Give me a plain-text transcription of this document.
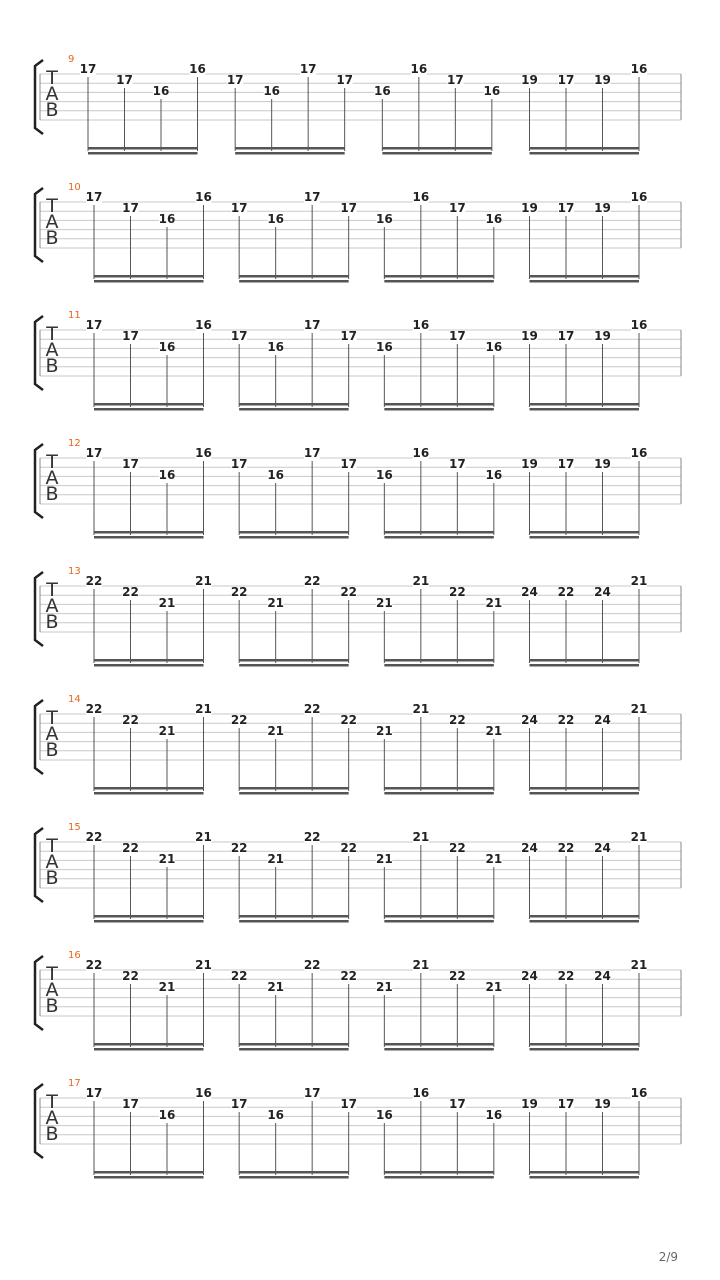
T
A
B
9
17
17
16
16
17
16
17
17
16
16
17
16
19 17 19
16
T
A
B
10
17
17
16
16
17
16
17
17
16
16
17
16
19 17 19
16
T
A
B
11
17
17
16
16
17
16
17
17
16
16
17
16
19 17 19
16
T
A
B
12
17
17
16
16
17
16
17
17
16
16
17
16
19 17 19
16
T
A
B
13
22
22
21
21
22
21
22
22
21
21
22
21
24 22 24
21
T
A
B
14
22
22
21
21
22
21
22
22
21
21
22
21
24 22 24
21
T
A
B
15
22
22
21
21
22
21
22
22
21
21
22
21
24 22 24
21
T
A
B
16
22
22
21
21
22
21
22
22
21
21
22
21
24 22 24
21
T
A
B
17
17
17
16
16
17
16
17
17
16
16
17
16
19 17 19
16
2/9
